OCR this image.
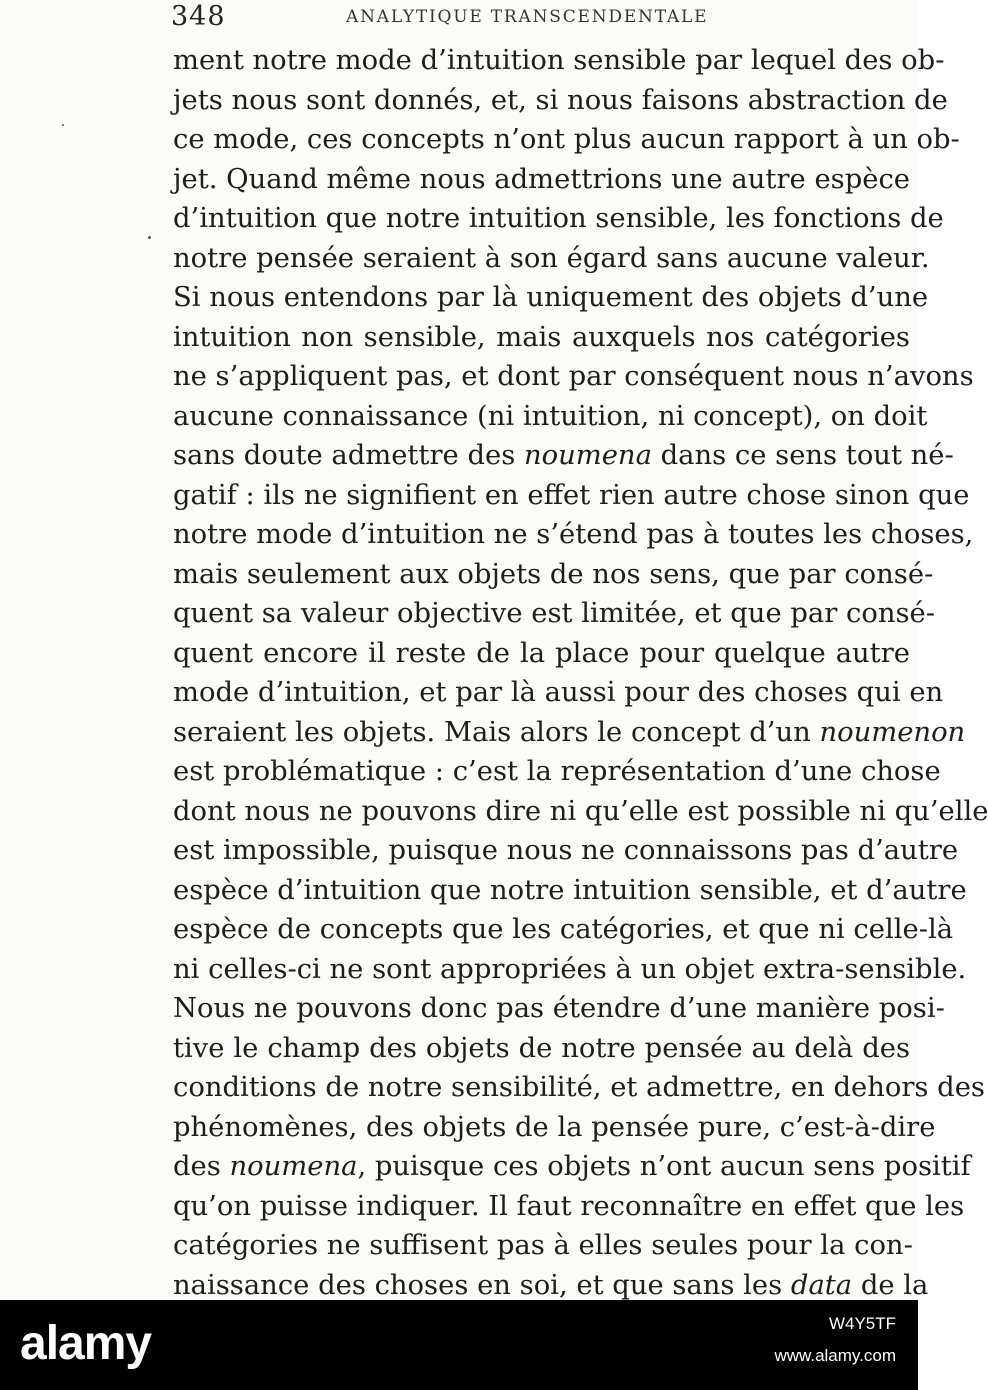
348	ANALYTIQUE TRANSCENDENTALE
ment notre mode d’intuition sensible par lequel des ob-
jets nous sont donnés, et, si nous faisons abstraction de
ce mode, ces concepts n’ont plus aucun rapport à un ob-
jet. Quand même nous admettrions une autre espèce
d’intuition que notre intuition sensible, les fonctions de
notre pensée seraient à son égard sans aucune valeur.
Si nous entendons par là uniquement des objets d’une
intuition non sensible, mais auxquels nos catégories
ne s’appliquent pas, et dont par conséquent nous n’avons
aucune connaissance (ni intuition, ni concept), on doit
sans doute admettre des noumena dans ce sens tout né-
gatif : ils ne signifient en effet rien autre chose sinon que
notre mode d’intuition ne s’étend pas à toutes les choses,
mais seulement aux objets de nos sens, que par consé-
quent sa valeur objective est limitée, et que par consé-
quent encore il reste de la place pour quelque autre
mode d’intuition, et par là aussi pour des choses qui en
seraient les objets. Mais alors le concept d’un noumenon
est problématique : c’est la représentation d’une chose
dont nous ne pouvons dire ni qu’elle est possible ni qu’elle
est impossible, puisque nous ne connaissons pas d’autre
espèce d’intuition que notre intuition sensible, et d’autre
espèce de concepts que les catégories, et que ni celle-là
ni celles-ci ne sont appropriées à un objet extra-sensible.
Nous ne pouvons donc pas étendre d’une manière posi-
tive le champ des objets de notre pensée au delà des
conditions de notre sensibilité, et admettre, en dehors des
phénomènes, des objets de la pensée pure, c’est-à-dire
des noumena, puisque ces objets n’ont aucun sens positif
qu’on puisse indiquer. Il faut reconnaître en effet que les
catégories ne suffisent pas à elles seules pour la con-
naissance des choses en soi, et que sans les data de la
alamy	W4Y5TF
www.alamy.com
